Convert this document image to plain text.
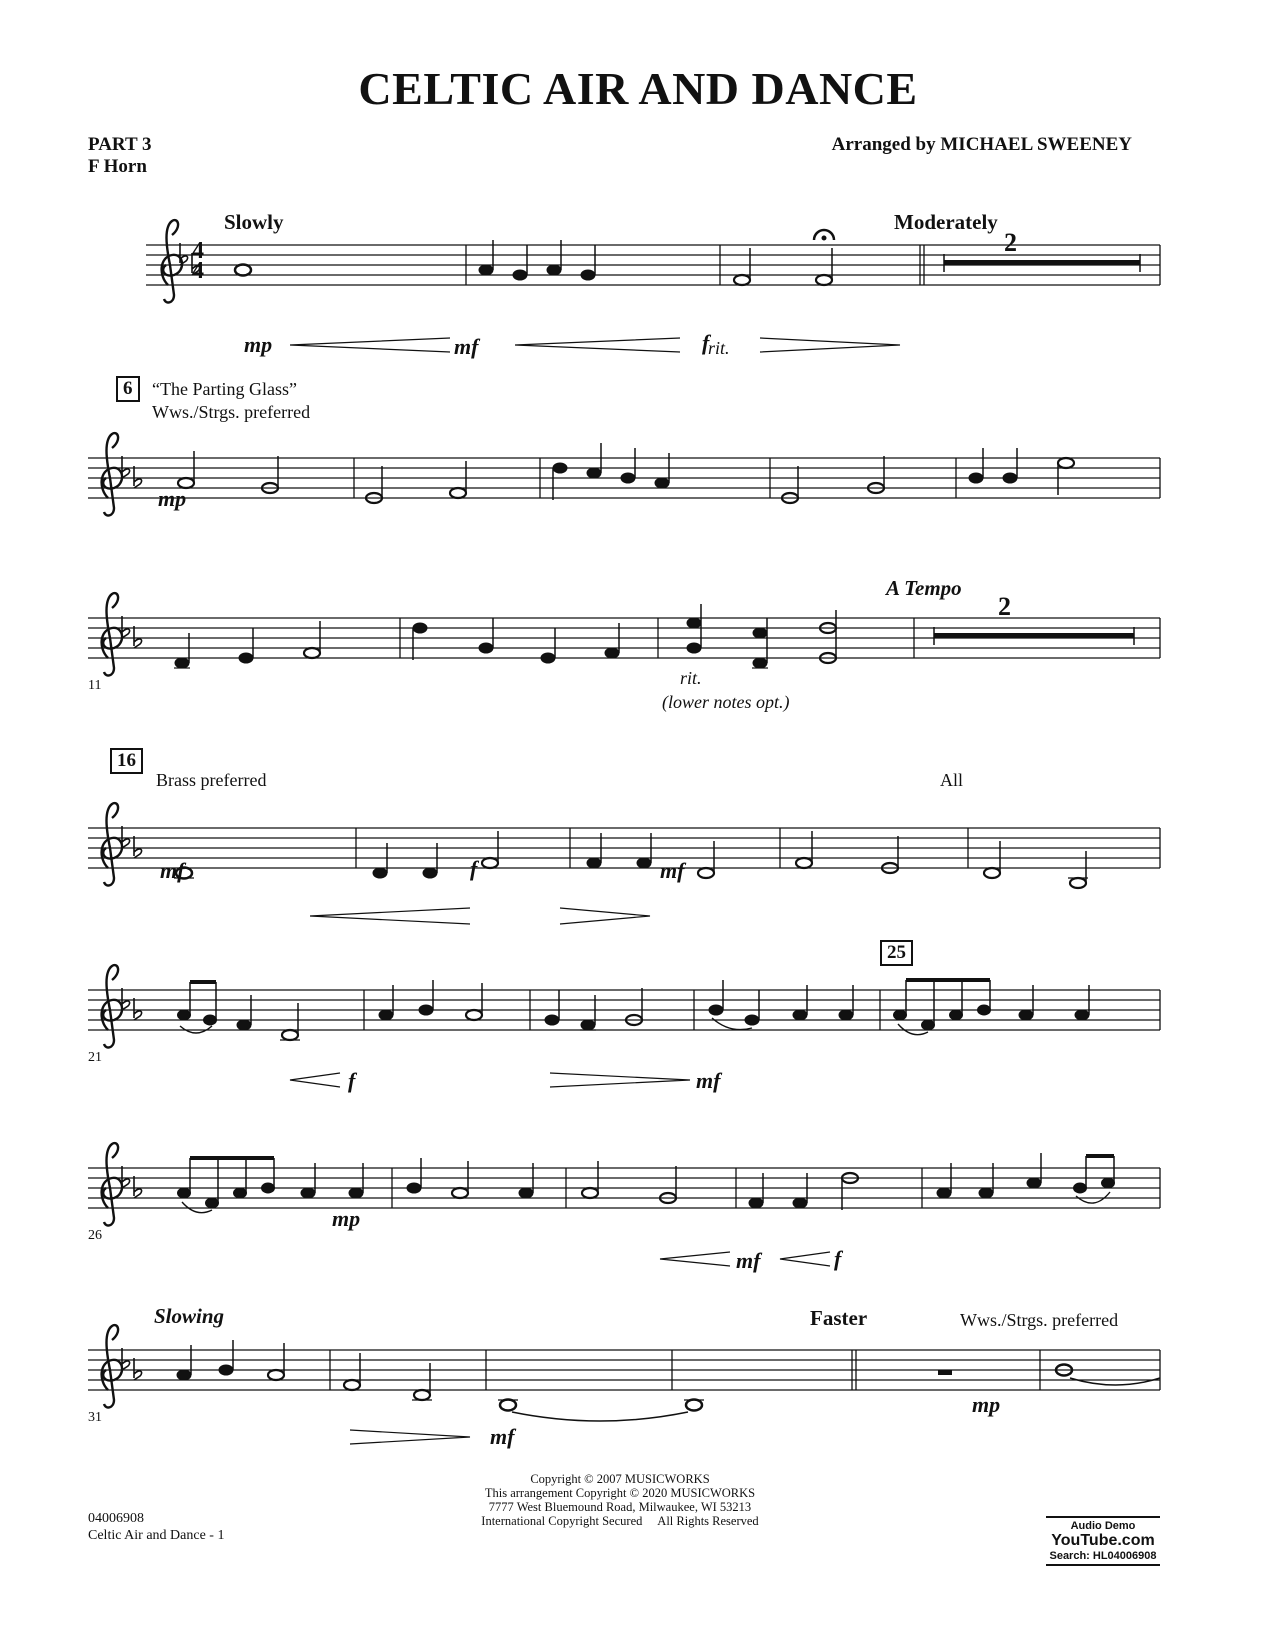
CELTIC AIR AND DANCE
PART 3
F Horn
Arranged by MICHAEL SWEENEY
Slowly	Moderately
2
4
4
mp	mf	f
rit.
6	“The Parting Glass”
Wws./Strgs. preferred
mp
11
A Tempo
2
rit.
(lower notes opt.)
16
Brass preferred	All
mf	f	mf
21
25
f	mf
26
mp
mf	f
31
Slowing	Faster	Wws./Strgs. preferred
mf
mp
04006908
Celtic Air and Dance - 1
Copyright © 2007 MUSICWORKS
This arrangement Copyright © 2020 MUSICWORKS
7777 West Bluemound Road, Milwaukee, WI 53213
International Copyright Secured     All Rights Reserved	Audio Demo
YouTube.com
Search: HL04006908
